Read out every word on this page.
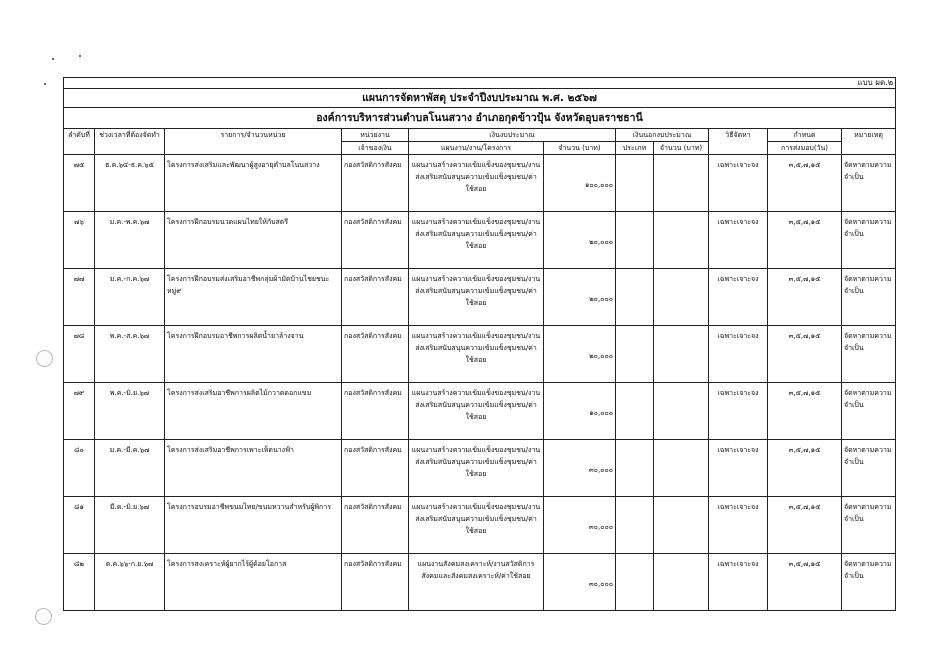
แบบ ผด.๒										
แผนการจัดหาพัสดุ ประจำปีงบประมาณ พ.ศ. ๒๕๖๗										
องค์การบริหารส่วนตำบลโนนสวาง อำเภอกุดข้าวปุ้น จังหวัดอุบลราชธานี										
ลำดับที่	ช่วงเวลาที่ต้องจัดทำ	รายการ/จำนวนหน่วย	หน่วยงาน	เงินงบประมาณ		เงินนอกงบประมาณ		วิธีจัดหา	กำหนด	หมายเหตุ
			เจ้าของเงิน	แผนงาน/งาน/โครงการ	จำนวน (บาท)	ประเภท	จำนวน (บาท)		การส่งมอบ(วัน)	
๗๕	ธ.ค.๖๔-ธ.ค.๖๕	โครงการส่งเสริมและพัฒนาผู้สูงอายุตำบลโนนสวาง	กองสวัสดิการสังคม	แผนงานสร้างความเข้มแข็งของชุมชน/งานส่งเสริมสนับสนุนความเข้มแข็งชุมชน/ค่าใช้สอย	๑๐๐,๐๐๐			เฉพาะเจาะจง	๓,๕,๗,๑๕	จัดหาตามความจำเป็น
๗๖	ม.ค.-พ.ค.๖๗	โครงการฝึกอบรมนวดแผนไทยให้กับสตรี	กองสวัสดิการสังคม	แผนงานสร้างความเข้มแข็งของชุมชน/งานส่งเสริมสนับสนุนความเข้มแข็งชุมชน/ค่าใช้สอย	๒๐,๐๐๐			เฉพาะเจาะจง	๓,๕,๗,๑๕	จัดหาตามความจำเป็น
๗๗	ม.ค.-ก.ค.๖๗	โครงการฝึกอบรมส่งเสริมอาชีพกลุ่มผ้ามัดบ้านไชยชนะ หมู่๙	กองสวัสดิการสังคม	แผนงานสร้างความเข้มแข็งของชุมชน/งานส่งเสริมสนับสนุนความเข้มแข็งชุมชน/ค่าใช้สอย	๒๐,๐๐๐			เฉพาะเจาะจง	๓,๕,๗,๑๕	จัดหาตามความจำเป็น
๗๘	พ.ค.-ส.ค.๖๗	โครงการฝึกอบรมอาชีพการผลิตน้ำยาล้างจาน	กองสวัสดิการสังคม	แผนงานสร้างความเข้มแข็งของชุมชน/งานส่งเสริมสนับสนุนความเข้มแข็งชุมชน/ค่าใช้สอย	๒๐,๐๐๐			เฉพาะเจาะจง	๓,๕,๗,๑๕	จัดหาตามความจำเป็น
๗๙	พ.ค.-มิ.ย.๖๗	โครงการส่งเสริมอาชีพการผลิตไม้กวาดดอกแขม	กองสวัสดิการสังคม	แผนงานสร้างความเข้มแข็งของชุมชน/งานส่งเสริมสนับสนุนความเข้มแข็งชุมชน/ค่าใช้สอย	๑๐,๐๐๐			เฉพาะเจาะจง	๓,๕,๗,๑๕	จัดหาตามความจำเป็น
๘๐	ม.ค.-มี.ค.๖๗	โครงการส่งเสริมอาชีพการเพาะเห็ดนางฟ้า	กองสวัสดิการสังคม	แผนงานสร้างความเข้มแข็งของชุมชน/งานส่งเสริมสนับสนุนความเข้มแข็งชุมชน/ค่าใช้สอย	๓๐,๐๐๐			เฉพาะเจาะจง	๓,๕,๗,๑๕	จัดหาตามความจำเป็น
๘๑	มี.ค.-มิ.ย.๖๗	โครงการอบรมอาชีพขนมไทย/ขนมหวานสำหรับผู้พิการ	กองสวัสดิการสังคม	แผนงานสร้างความเข้มแข็งของชุมชน/งานส่งเสริมสนับสนุนความเข้มแข็งชุมชน/ค่าใช้สอย	๓๐,๐๐๐			เฉพาะเจาะจง	๓,๕,๗,๑๕	จัดหาตามความจำเป็น
๘๒	ต.ค.๖๖-ก.ย.๖๗	โครงการสงเคราะห์ผู้ยากไร้ผู้ด้อยโอกาส	กองสวัสดิการสังคม	แผนงานสังคมสงเคราะห์/งานสวัสดิการสังคมและสังคมสงเคราะห์/ค่าใช้สอย	๓๐,๐๐๐			เฉพาะเจาะจง	๓,๕,๗,๑๕	จัดหาตามความจำเป็น
